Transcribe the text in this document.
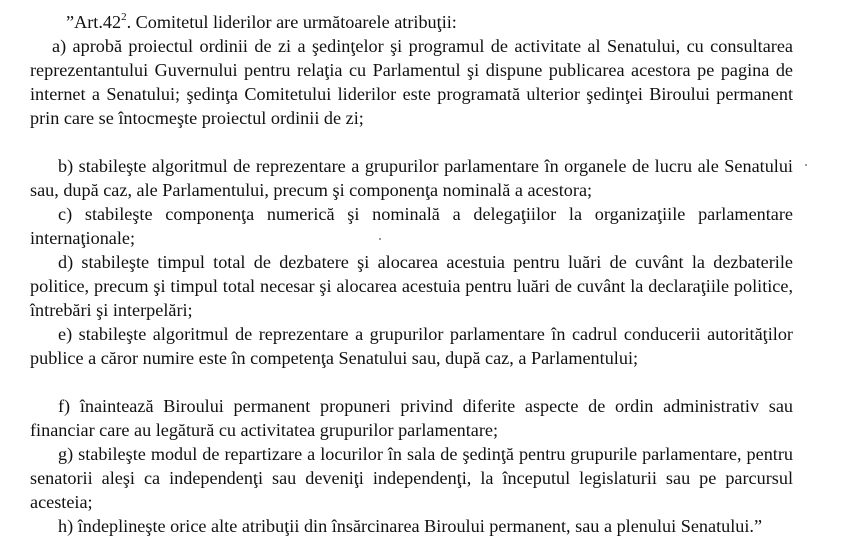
$”Art.42^2$. Comitetul liderilor are următoarele atribuţii:
a) aprobă proiectul ordinii de zi a şedinţelor şi programul de activitate al Senatului, cu consultarea reprezentantului Guvernului pentru relaţia cu Parlamentul şi dispune publicarea acestora pe pagina de internet a Senatului; şedinţa Comitetului liderilor este programată ulterior şedinţei Biroului permanent prin care se întocmeşte proiectul ordinii de zi;
b) stabileşte algoritmul de reprezentare a grupurilor parlamentare în organele de lucru ale Senatului sau, după caz, ale Parlamentului, precum şi componenţa nominală a acestora;
c) stabileşte componenţa numerică şi nominală a delegaţiilor la organizaţiile parlamentare internaţionale;
d) stabileşte timpul total de dezbatere şi alocarea acestuia pentru luări de cuvânt la dezbaterile politice, precum şi timpul total necesar şi alocarea acestuia pentru luări de cuvânt la declaraţiile politice, întrebări şi interpelări;
e) stabileşte algoritmul de reprezentare a grupurilor parlamentare în cadrul conducerii autorităţilor publice a căror numire este în competenţa Senatului sau, după caz, a Parlamentului;
f) înaintează Biroului permanent propuneri privind diferite aspecte de ordin administrativ sau financiar care au legătură cu activitatea grupurilor parlamentare;
g) stabileşte modul de repartizare a locurilor în sala de şedinţă pentru grupurile parlamentare, pentru senatorii aleşi ca independenţi sau deveniţi independenţi, la începutul legislaturii sau pe parcursul acesteia;
h) îndeplineşte orice alte atribuţii din însărcinarea Biroului permanent, sau a plenului Senatului.”
